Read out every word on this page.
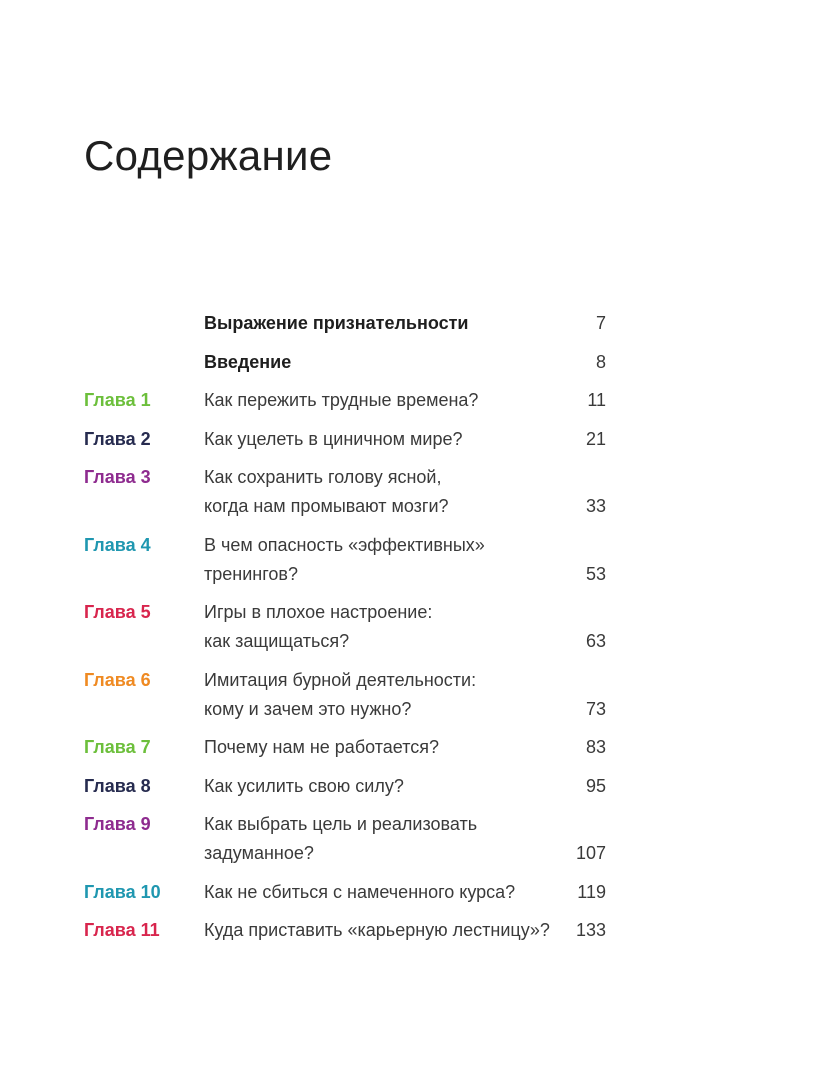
Содержание
Выражение признательности	7
Введение	8
Глава 1	Как пережить трудные времена?	11
Глава 2	Как уцелеть в циничном мире?	21
Глава 3	Как сохранить голову ясной,
когда нам промывают мозги?	33
Глава 4	В чем опасность «эффективных»
тренингов?	53
Глава 5	Игры в плохое настроение:
как защищаться?	63
Глава 6	Имитация бурной деятельности:
кому и зачем это нужно?	73
Глава 7	Почему нам не работается?	83
Глава 8	Как усилить свою силу?	95
Глава 9	Как выбрать цель и реализовать
задуманное?	107
Глава 10 Как не сбиться с намеченного курса?	119
Глава 11 Куда приставить «карьерную лестницу»?	133
